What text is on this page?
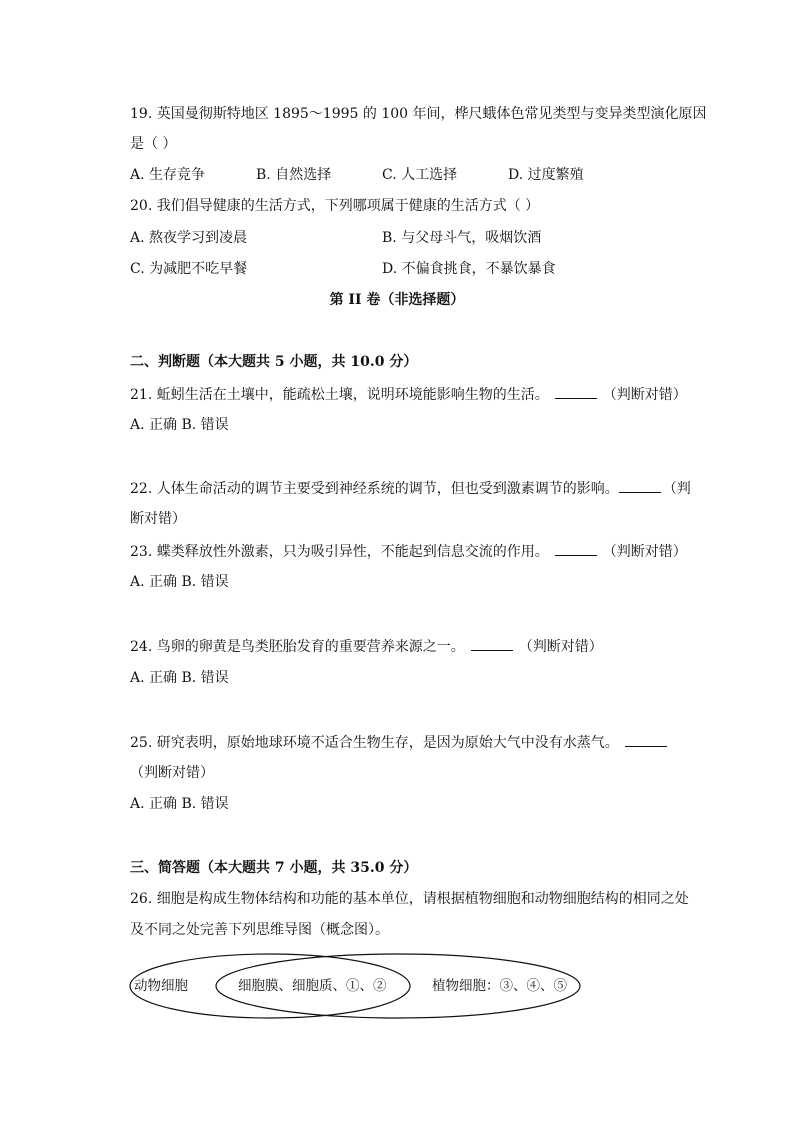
19. 英国曼彻斯特地区 1895～1995 的 100 年间，桦尺蛾体色常见类型与变异类型演化原因
是（ ）
A. 生存竞争	B. 自然选择	C. 人工选择	D. 过度繁殖
20. 我们倡导健康的生活方式，下列哪项属于健康的生活方式（ ）
A. 熬夜学习到凌晨	B. 与父母斗气，吸烟饮酒
C. 为减肥不吃早餐	D. 不偏食挑食，不暴饮暴食
第 II 卷（非选择题）
二、判断题（本大题共 5 小题，共 10.0 分）
21. 蚯蚓生活在土壤中，能疏松土壤，说明环境能影响生物的生活。	（判断对错）
A. 正确 B. 错误
22. 人体生命活动的调节主要受到神经系统的调节，但也受到激素调节的影响。	（判
断对错）
23. 蝶类释放性外激素，只为吸引异性，不能起到信息交流的作用。	（判断对错）
A. 正确 B. 错误
24. 鸟卵的卵黄是鸟类胚胎发育的重要营养来源之一。	（判断对错）
A. 正确 B. 错误
25. 研究表明，原始地球环境不适合生物生存，是因为原始大气中没有水蒸气。
（判断对错）
A. 正确 B. 错误
三、简答题（本大题共 7 小题，共 35.0 分）
26. 细胞是构成生物体结构和功能的基本单位，请根据植物细胞和动物细胞结构的相同之处
及不同之处完善下列思维导图（概念图）。
动物细胞	细胞膜、细胞质、①、②	植物细胞：③、④、⑤
